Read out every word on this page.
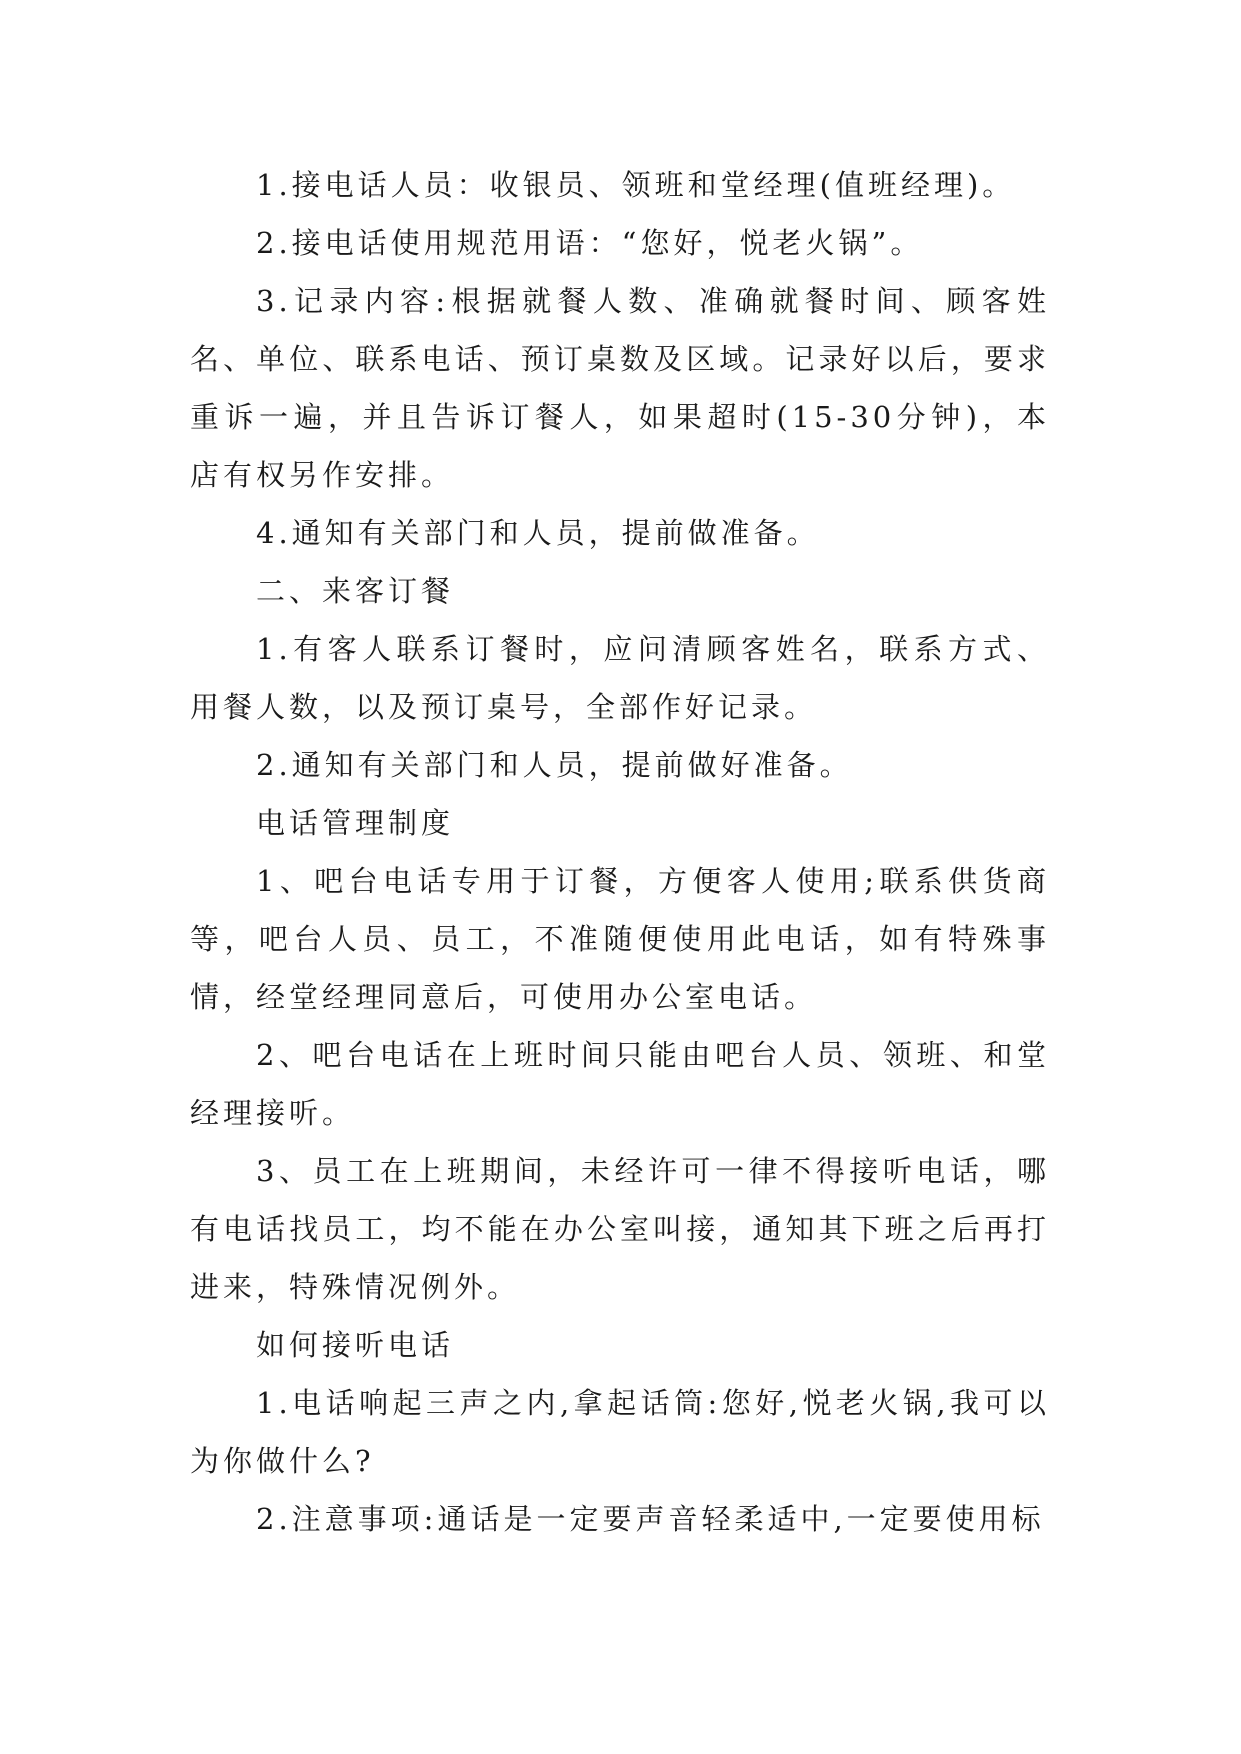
1.接电话人员：收银员、领班和堂经理(值班经理)。

2.接电话使用规范用语：“您好，悦老火锅”。

3.记录内容:根据就餐人数、准确就餐时间、顾客姓名、单位、联系电话、预订桌数及区域。记录好以后，要求重诉一遍，并且告诉订餐人，如果超时(15-30分钟)，本店有权另作安排。

4.通知有关部门和人员，提前做准备。

二、来客订餐

1.有客人联系订餐时，应问清顾客姓名，联系方式、用餐人数，以及预订桌号，全部作好记录。

2.通知有关部门和人员，提前做好准备。

电话管理制度

1、吧台电话专用于订餐，方便客人使用;联系供货商等，吧台人员、员工，不准随便使用此电话，如有特殊事情，经堂经理同意后，可使用办公室电话。

2、吧台电话在上班时间只能由吧台人员、领班、和堂经理接听。

3、员工在上班期间，未经许可一律不得接听电话，哪有电话找员工，均不能在办公室叫接，通知其下班之后再打进来，特殊情况例外。

如何接听电话

1.电话响起三声之内,拿起话筒:您好,悦老火锅,我可以为你做什么?

2.注意事项:通话是一定要声音轻柔适中,一定要使用标
